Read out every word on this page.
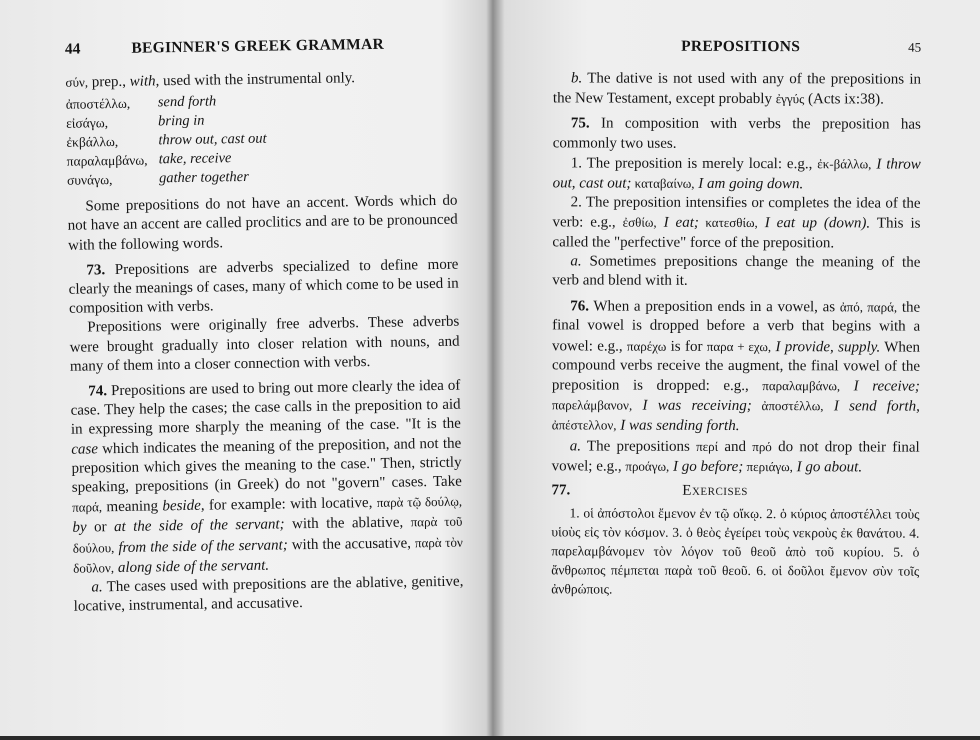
44	BEGINNER'S GREEK GRAMMAR

σύν, prep., with, used with the instrumental only.

ἀποστέλλω,	send forth
εἰσάγω,	bring in
ἐκβάλλω,	throw out, cast out
παραλαμβάνω, take, receive
συνάγω,	gather together

Some prepositions do not have an accent. Words which do not have an accent are called proclitics and are to be pronounced with the following words.

73. Prepositions are adverbs specialized to define more clearly the meanings of cases, many of which come to be used in composition with verbs.

Prepositions were originally free adverbs. These adverbs were brought gradually into closer relation with nouns, and many of them into a closer connection with verbs.

74. Prepositions are used to bring out more clearly the idea of case. They help the cases; the case calls in the preposition to aid in expressing more sharply the meaning of the case. "It is the case which indicates the meaning of the preposition, and not the preposition which gives the meaning to the case." Then, strictly speaking, prepositions (in Greek) do not "govern" cases. Take παρά, meaning beside, for example: with locative, παρὰ τῷ δούλῳ, by or at the side of the servant; with the ablative, παρὰ τοῦ δούλου, from the side of the servant; with the accusative, παρὰ τὸν δοῦλον, along side of the servant.

a. The cases used with prepositions are the ablative, genitive, locative, instrumental, and accusative.

PREPOSITIONS	45

b. The dative is not used with any of the prepositions in the New Testament, except probably ἐγγύς (Acts ix:38).

75. In composition with verbs the preposition has commonly two uses.

1. The preposition is merely local: e.g., ἐκ-βάλλω, I throw out, cast out; καταβαίνω, I am going down.

2. The preposition intensifies or completes the idea of the verb: e.g., ἐσθίω, I eat; κατεσθίω, I eat up (down). This is called the "perfective" force of the preposition.

a. Sometimes prepositions change the meaning of the verb and blend with it.

76. When a preposition ends in a vowel, as ἀπό, παρά, the final vowel is dropped before a verb that begins with a vowel: e.g., παρέχω is for παρα + εχω, I provide, supply. When compound verbs receive the augment, the final vowel of the preposition is dropped: e.g., παραλαμβάνω, I receive; παρελάμβανον, I was receiving; ἀποστέλλω, I send forth, ἀπέστελλον, I was sending forth.

a. The prepositions περί and πρό do not drop their final vowel; e.g., προάγω, I go before; περιάγω, I go about.

77.	Exercises

1. οἱ ἀπόστολοι ἔμενον ἐν τῷ οἴκῳ. 2. ὁ κύριος ἀποστέλλει τοὺς υἱοὺς εἰς τὸν κόσμον. 3. ὁ θεὸς ἐγείρει τοὺς νεκροὺς ἐκ θανάτου. 4. παρελαμβάνομεν τὸν λόγον τοῦ θεοῦ ἀπὸ τοῦ κυρίου. 5. ὁ ἄνθρωπος πέμπεται παρὰ τοῦ θεοῦ. 6. οἱ δοῦλοι ἔμενον σὺν τοῖς ἀνθρώποις.
